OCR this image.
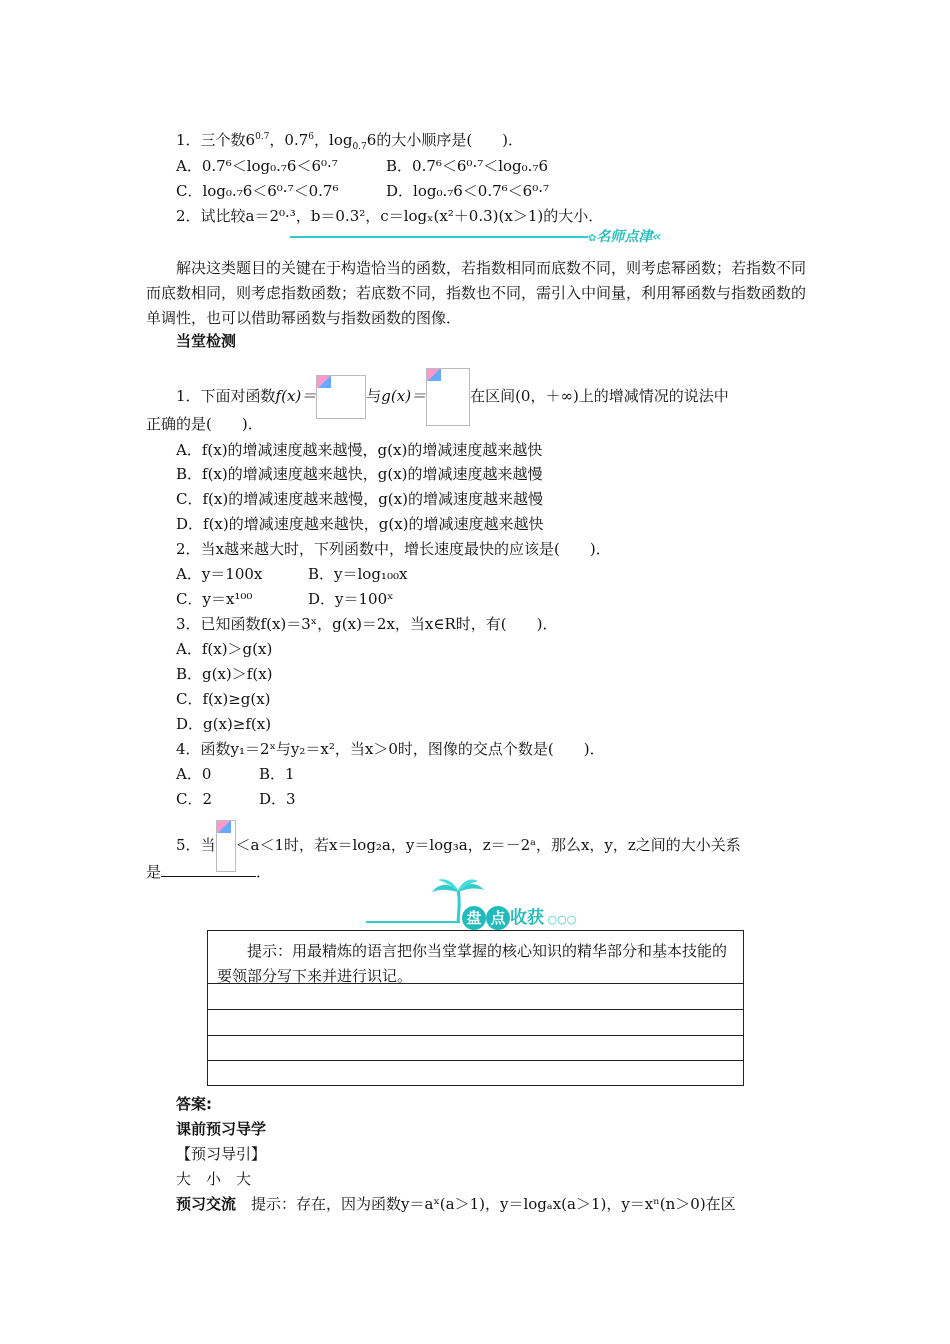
1．三个数$6^{0.7}$，$0.7^6$，$\log_{0.7}6$的大小顺序是(　　)．
A．0.7⁶＜log₀.₇6＜6⁰·⁷	B．0.7⁶＜6⁰·⁷＜log₀.₇6
C．log₀.₇6＜6⁰·⁷＜0.7⁶	D．log₀.₇6＜0.7⁶＜6⁰·⁷
2．试比较a＝2⁰·³，b＝0.3²，c＝logₓ(x²＋0.3)(x＞1)的大小．
✿名师点津«
解决这类题目的关键在于构造恰当的函数，若指数相同而底数不同，则考虑幂函数；若指数不同而底数相同，则考虑指数函数；若底数不同，指数也不同，需引入中间量，利用幂函数与指数函数的单调性，也可以借助幂函数与指数函数的图像．
当堂检测
1．下面对函数f(x)＝	与g(x)＝	在区间(0，＋∞)上的增减情况的说法中
正确的是(　　)．
A．f(x)的增减速度越来越慢，g(x)的增减速度越来越快
B．f(x)的增减速度越来越快，g(x)的增减速度越来越慢
C．f(x)的增减速度越来越慢，g(x)的增减速度越来越慢
D．f(x)的增减速度越来越快，g(x)的增减速度越来越快
2．当x越来越大时，下列函数中，增长速度最快的应该是(　　)．
A．y＝100x	B．y＝log₁₀₀x
C．y＝x¹⁰⁰	D．y＝100ˣ
3．已知函数f(x)＝3ˣ，g(x)＝2x，当x∈R时，有(　　)．
A．f(x)＞g(x)
B．g(x)＞f(x)
C．f(x)≥g(x)
D．g(x)≥f(x)
4．函数y₁＝2ˣ与y₂＝x²，当x＞0时，图像的交点个数是(　　)．
A．0	B．1
C．2	D．3
5．当 ＜a＜1时，若x＝log₂a，y＝log₃a，z＝－2ᵃ，那么x，y，z之间的大小关系
是	．
盘 点 收获 ○○○
提示：用最精炼的语言把你当堂掌握的核心知识的精华部分和基本技能的要领部分写下来并进行识记。
答案:
课前预习导学
【预习导引】
大　小　大
预习交流　 提示：存在，因为函数y＝aˣ(a＞1)，y＝logₐx(a＞1)，y＝xⁿ(n＞0)在区
